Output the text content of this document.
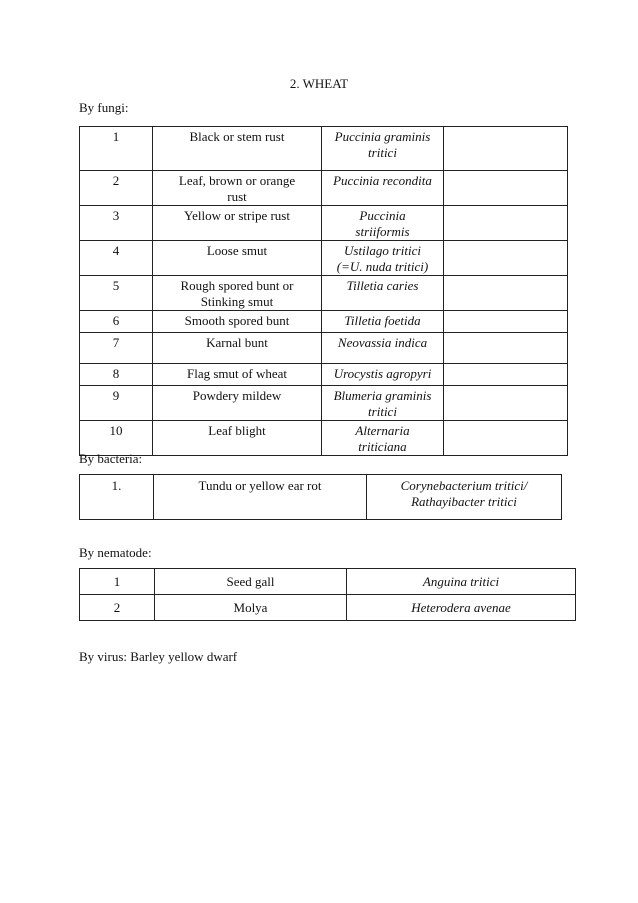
2. WHEAT
By fungi:
1	Black or stem rust	Puccinia graminis tritici	

2	Leaf, brown or orange rust	Puccinia recondita	

3	Yellow or stripe rust	Puccinia striiformis	

4	Loose smut	Ustilago tritici (=U. nuda tritici)	

5	Rough spored bunt or Stinking smut	Tilletia caries	

6	Smooth spored bunt	Tilletia foetida	

7	Karnal bunt	Neovassia indica	

8	Flag smut of wheat	Urocystis agropyri	

9	Powdery mildew	Blumeria graminis tritici	

10	Leaf blight	Alternaria triticiana	

By bacteria:
1.	Tundu or yellow ear rot	Corynebacterium tritici/ Rathayibacter tritici
By nematode:
1	Seed gall	Anguina tritici

2	Molya	Heterodera avenae
By virus: Barley yellow dwarf
